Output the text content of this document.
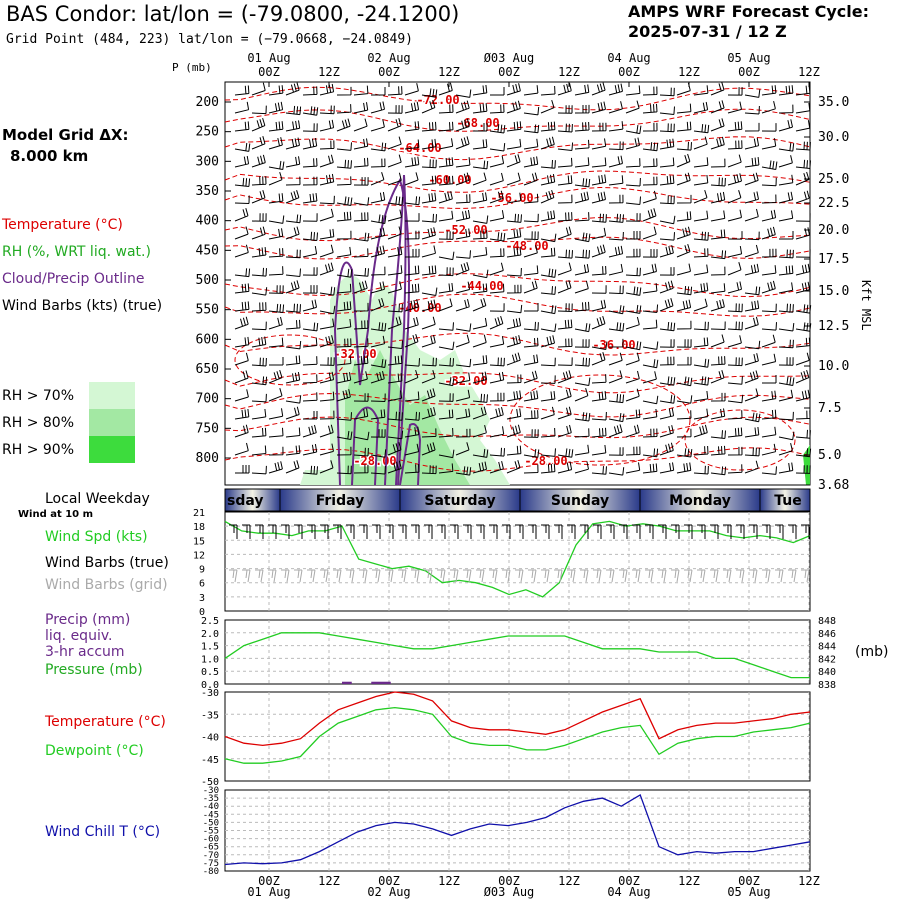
-72.00
-68.00
-64.00
-60.00
-56.00
-52.00
-48.00
-44.00
-40.00
-36.00
-32.00
-32.00
-28.00	-28.00
200
250
300
350
400
450
500
550
600
650
700
750
800
35.0
30.0
25.0
22.5
20.0
17.5
15.0
12.5
10.0
7.5
5.0
3.68
01 Aug
01 Aug
02 Aug
02 Aug
Ø03 Aug
Ø03 Aug
04 Aug
04 Aug
05 Aug
05 Aug
00Z
00Z
12Z
12Z
00Z
00Z
12Z
12Z
00Z
00Z
12Z
12Z
00Z
00Z
12Z
12Z
00Z
00Z
12Z
12Z
sday	Friday	Saturday	Sunday	Monday	Tue
0
3
6
9
12
15
18
21
0.0
0.5
1.0
1.5
2.0
2.5
838
840
842
844
846
848
-30
-35
-40
-45
-50
-30
-35
-40
-45
-50
-55
-60
-65
-70
-75
-80
BAS Condor: lat/lon = (-79.0800, -24.1200)
Grid Point (484, 223) lat/lon = (−79.0668, −24.0849)
AMPS WRF Forecast Cycle:
2025-07-31 / 12 Z
Model Grid ΔX:
8.000 km
Temperature (°C)
RH (%, WRT liq. wat.)
Cloud/Precip Outline
Wind Barbs (kts) (true)
RH > 70%
RH > 80%
RH > 90%
P (mb)
Kft MSL
Local Weekday
Wind at 10 m
Wind Spd (kts)
Wind Barbs (true)
Wind Barbs (grid)
Precip (mm)
liq. equiv.
3-hr accum
Pressure (mb)
(mb)
Temperature (°C)
Dewpoint (°C)
Wind Chill T (°C)
